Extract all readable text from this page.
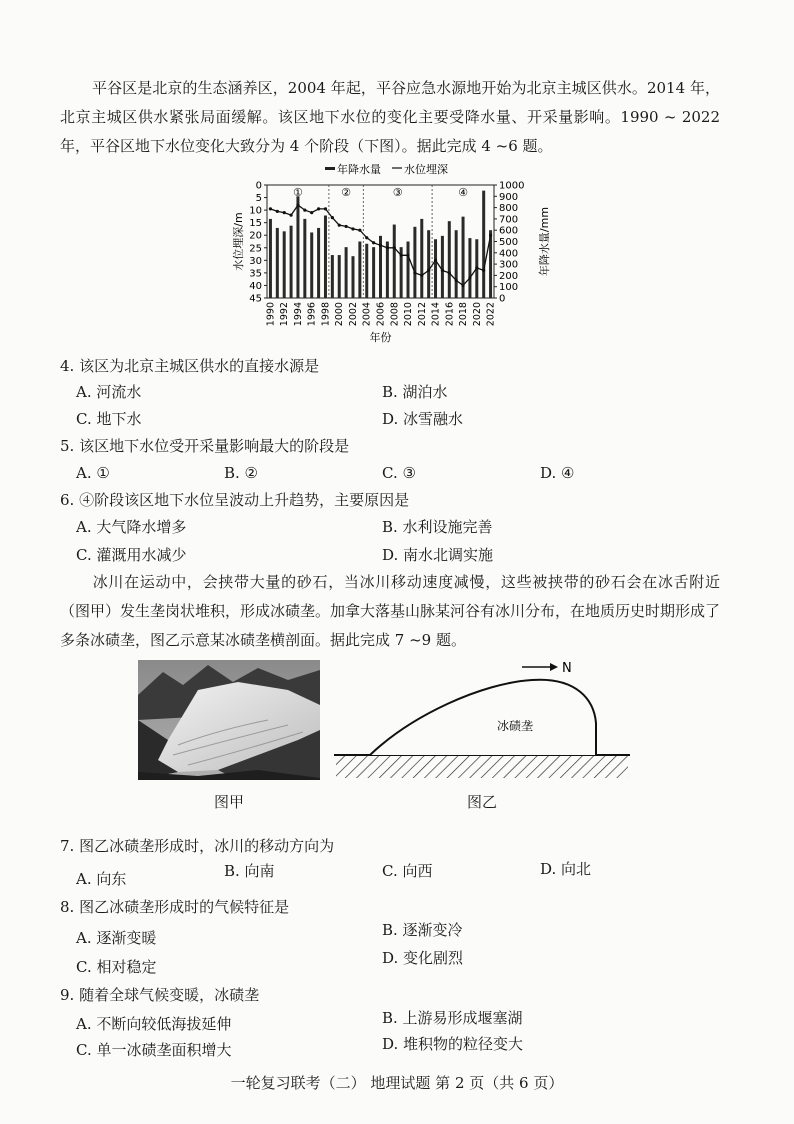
平谷区是北京的生态涵养区，2004 年起，平谷应急水源地开始为北京主城区供水。2014 年，北京主城区供水紧张局面缓解。该区地下水位的变化主要受降水量、开采量影响。1990 ~ 2022 年，平谷区地下水位变化大致分为 4 个阶段（下图）。据此完成 4 ~6 题。
年降水量 水位埋深
0
5
10
15
20
25
30
35
40
45
1000
900
800
700
600
500
400
300
200
100
0
1990 1992 1994 1996 1998 2000 2002 2004 2006 2008 2010 2012 2014 2016 2018 2020 2022
年份
水位埋深/m	年降水量/mm
①	②	③	④
4. 该区为北京主城区供水的直接水源是
A. 河流水	B. 湖泊水
C. 地下水	D. 冰雪融水
5. 该区地下水位受开采量影响最大的阶段是
A. ①	B. ②	C. ③	D. ④
6. ④阶段该区地下水位呈波动上升趋势，主要原因是
A. 大气降水增多	B. 水利设施完善
C. 灌溉用水减少	D. 南水北调实施
冰川在运动中，会挟带大量的砂石，当冰川移动速度减慢，这些被挟带的砂石会在冰舌附近（图甲）发生垄岗状堆积，形成冰碛垄。加拿大落基山脉某河谷有冰川分布，在地质历史时期形成了多条冰碛垄，图乙示意某冰碛垄横剖面。据此完成 7 ~9 题。
图甲
N
冰碛垄
图乙
7. 图乙冰碛垄形成时，冰川的移动方向为
A. 向东	B. 向南	C. 向西	D. 向北
8. 图乙冰碛垄形成时的气候特征是
A. 逐渐变暖	B. 逐渐变冷
C. 相对稳定	D. 变化剧烈
9. 随着全球气候变暖，冰碛垄
A. 不断向较低海拔延伸	B. 上游易形成堰塞湖
C. 单一冰碛垄面积增大	D. 堆积物的粒径变大
一轮复习联考（二） 地理试题 第 2 页（共 6 页）
